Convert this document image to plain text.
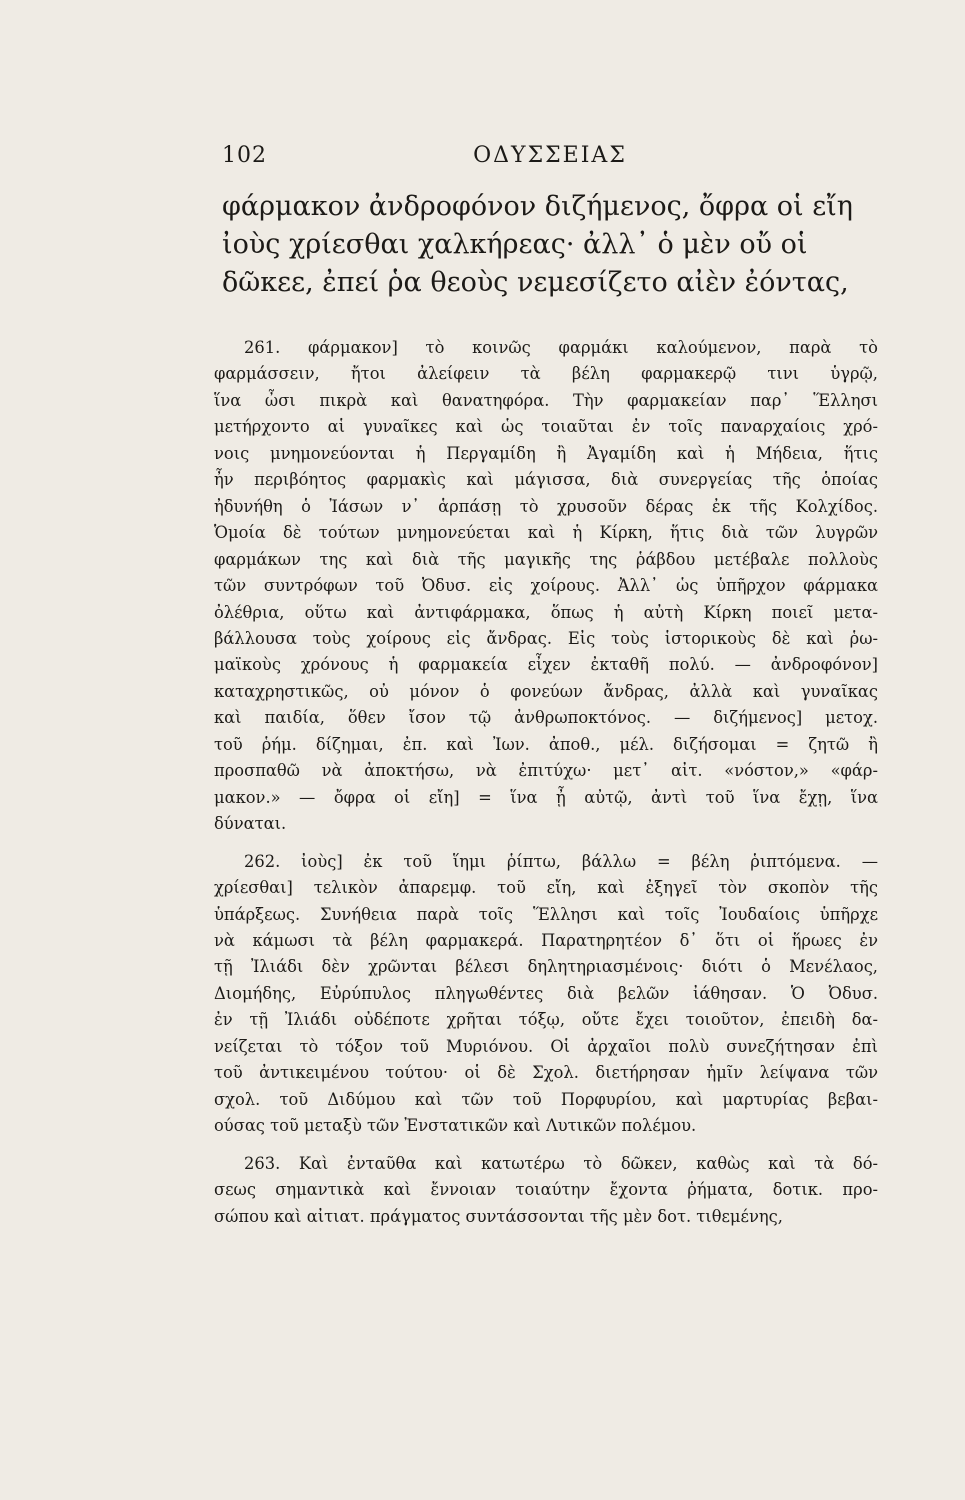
102	ΟΔΥΣΣΕΙΑΣ
φάρμακον ἀνδροφόνον διζήμενος, ὄφρα οἱ εἴη
ἰοὺς χρίεσθαι χαλκήρεας· ἀλλ᾽ ὁ μὲν οὔ οἱ
δῶκεε, ἐπεί ῥα θεοὺς νεμεσίζετο αἰὲν ἐόντας,

261. φάρμακον] τὸ κοινῶς φαρμάκι καλούμενον, παρὰ τὸ
φαρμάσσειν, ἤτοι ἀλείφειν τὰ βέλη φαρμακερῷ τινι ὑγρῷ,
ἵνα ὦσι πικρὰ καὶ θανατηφόρα. Τὴν φαρμακείαν παρ᾽ Ἕλλησι
μετήρχοντο αἱ γυναῖκες καὶ ὡς τοιαῦται ἐν τοῖς παναρχαίοις χρό-
νοις μνημονεύονται ἡ Περγαμίδη ἢ Ἀγαμίδη καὶ ἡ Μήδεια, ἥτις
ἦν περιβόητος φαρμακὶς καὶ μάγισσα, διὰ συνεργείας τῆς ὁποίας
ἠδυνήθη ὁ Ἰάσων ν᾽ ἁρπάσῃ τὸ χρυσοῦν δέρας ἐκ τῆς Κολχίδος.
Ὁμοία δὲ τούτων μνημονεύεται καὶ ἡ Κίρκη, ἥτις διὰ τῶν λυγρῶν
φαρμάκων της καὶ διὰ τῆς μαγικῆς της ῥάβδου μετέβαλε πολλοὺς
τῶν συντρόφων τοῦ Ὀδυσ. εἰς χοίρους. Ἀλλ᾽ ὡς ὑπῆρχον φάρμακα
ὀλέθρια, οὕτω καὶ ἀντιφάρμακα, ὅπως ἡ αὐτὴ Κίρκη ποιεῖ μετα-
βάλλουσα τοὺς χοίρους εἰς ἄνδρας. Εἰς τοὺς ἱστορικοὺς δὲ καὶ ῥω-
μαϊκοὺς χρόνους ἡ φαρμακεία εἶχεν ἐκταθῆ πολύ. — ἀνδροφόνον]
καταχρηστικῶς, οὐ μόνον ὁ φονεύων ἄνδρας, ἀλλὰ καὶ γυναῖκας
καὶ παιδία, ὅθεν ἴσον τῷ ἀνθρωποκτόνος. — διζήμενος] μετοχ.
τοῦ ῥήμ. δίζημαι, ἐπ. καὶ Ἰων. ἀποθ., μέλ. διζήσομαι = ζητῶ ἢ
προσπαθῶ νὰ ἀποκτήσω, νὰ ἐπιτύχω· μετ᾽ αἰτ. «νόστον,» «φάρ-
μακον.» — ὄφρα οἱ εἴη] = ἵνα ᾖ αὐτῷ, ἀντὶ τοῦ ἵνα ἔχῃ, ἵνα
δύναται.

262. ἰοὺς] ἐκ τοῦ ἵημι ῥίπτω, βάλλω = βέλη ῥιπτόμενα. —
χρίεσθαι] τελικὸν ἀπαρεμφ. τοῦ εἴη, καὶ ἐξηγεῖ τὸν σκοπὸν τῆς
ὑπάρξεως. Συνήθεια παρὰ τοῖς Ἕλλησι καὶ τοῖς Ἰουδαίοις ὑπῆρχε
νὰ κάμωσι τὰ βέλη φαρμακερά. Παρατηρητέον δ᾽ ὅτι οἱ ἥρωες ἐν
τῇ Ἰλιάδι δὲν χρῶνται βέλεσι δηλητηριασμένοις· διότι ὁ Μενέλαος,
Διομήδης, Εὐρύπυλος πληγωθέντες διὰ βελῶν ἰάθησαν. Ὁ Ὀδυσ.
ἐν τῇ Ἰλιάδι οὐδέποτε χρῆται τόξῳ, οὔτε ἔχει τοιοῦτον, ἐπειδὴ δα-
νείζεται τὸ τόξον τοῦ Μυριόνου. Οἱ ἀρχαῖοι πολὺ συνεζήτησαν ἐπὶ
τοῦ ἀντικειμένου τούτου· οἱ δὲ Σχολ. διετήρησαν ἡμῖν λείψανα τῶν
σχολ. τοῦ Διδύμου καὶ τῶν τοῦ Πορφυρίου, καὶ μαρτυρίας βεβαι-
ούσας τοῦ μεταξὺ τῶν Ἐνστατικῶν καὶ Λυτικῶν πολέμου.

263. Καὶ ἐνταῦθα καὶ κατωτέρω τὸ δῶκεν, καθὼς καὶ τὰ δό-
σεως σημαντικὰ καὶ ἔννοιαν τοιαύτην ἔχοντα ῥήματα, δοτικ. προ-
σώπου καὶ αἰτιατ. πράγματος συντάσσονται τῆς μὲν δοτ. τιθεμένης,
